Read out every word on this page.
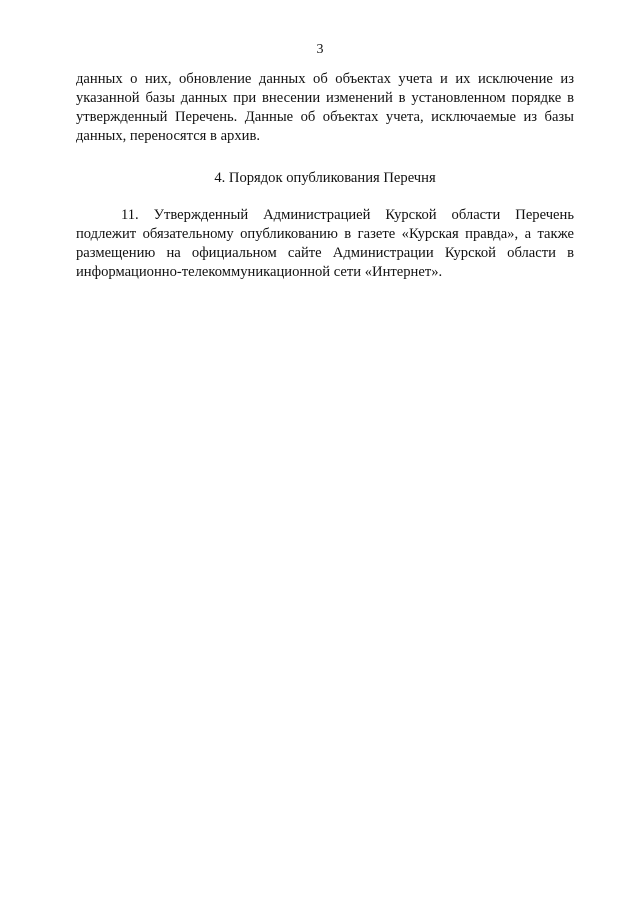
3

данных о них, обновление данных об объектах учета и их исключение из указанной базы данных при внесении изменений в установленном порядке в утвержденный Перечень. Данные об объектах учета, исключаемые из базы данных, переносятся в архив.

4. Порядок опубликования Перечня

11. Утвержденный Администрацией Курской области Перечень подлежит обязательному опубликованию в газете «Курская правда», а также размещению на официальном сайте Администрации Курской области в информационно-телекоммуникационной сети «Интернет».
